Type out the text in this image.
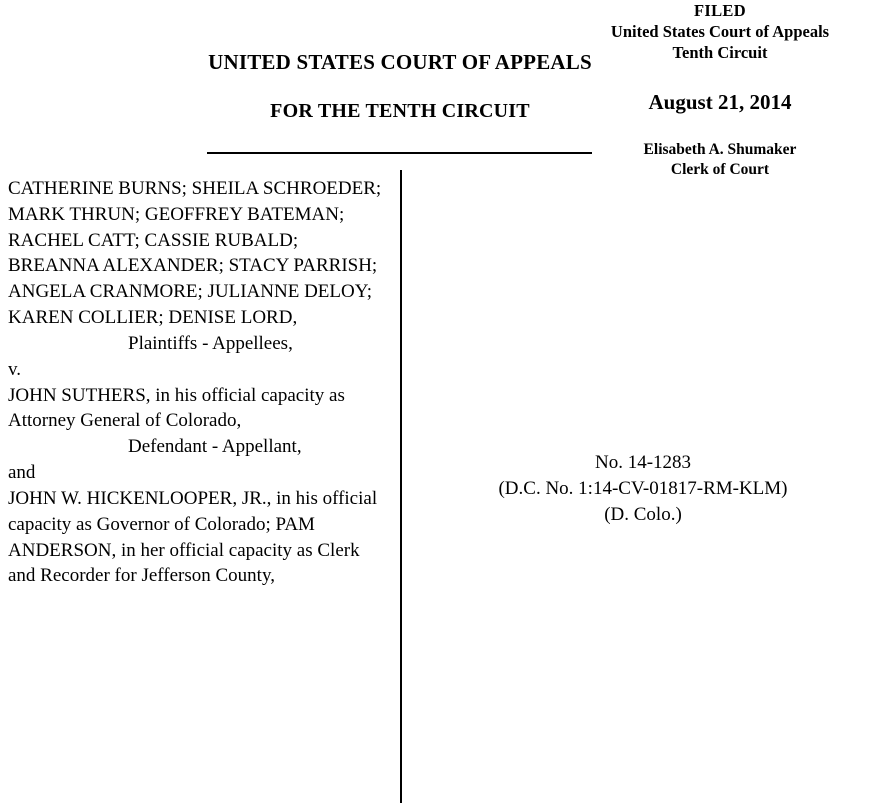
FILED
United States Court of Appeals
Tenth Circuit
August 21, 2014
Elisabeth A. Shumaker
Clerk of Court
UNITED STATES COURT OF APPEALS
FOR THE TENTH CIRCUIT

CATHERINE BURNS; SHEILA SCHROEDER; MARK THRUN; GEOFFREY BATEMAN; RACHEL CATT; CASSIE RUBALD; BREANNA ALEXANDER; STACY PARRISH; ANGELA CRANMORE; JULIANNE DELOY; KAREN COLLIER; DENISE LORD,

Plaintiffs - Appellees,

v.

JOHN SUTHERS, in his official capacity as Attorney General of Colorado,

Defendant - Appellant,

and

JOHN W. HICKENLOOPER, JR., in his official capacity as Governor of Colorado; PAM ANDERSON, in her official capacity as Clerk and Recorder for Jefferson County,

No. 14-1283
(D.C. No. 1:14-CV-01817-RM-KLM)
(D. Colo.)
